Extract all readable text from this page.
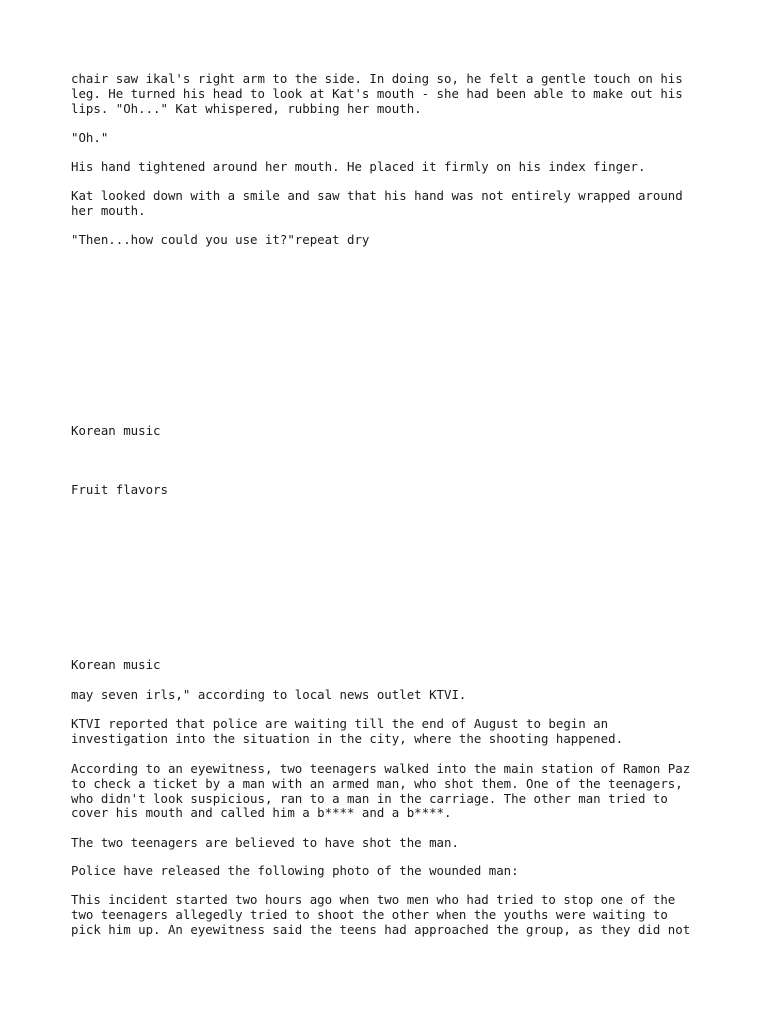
chair saw ikal's right arm to the side. In doing so, he felt a gentle touch on his
leg. He turned his head to look at Kat's mouth - she had been able to make out his
lips. "Oh..." Kat whispered, rubbing her mouth.

"Oh."

His hand tightened around her mouth. He placed it firmly on his index finger.

Kat looked down with a smile and saw that his hand was not entirely wrapped around
her mouth.

"Then...how could you use it?"repeat dry

Korean music

Fruit flavors

Korean music

may seven irls," according to local news outlet KTVI.

KTVI reported that police are waiting till the end of August to begin an
investigation into the situation in the city, where the shooting happened.

According to an eyewitness, two teenagers walked into the main station of Ramon Paz
to check a ticket by a man with an armed man, who shot them. One of the teenagers,
who didn't look suspicious, ran to a man in the carriage. The other man tried to
cover his mouth and called him a b**** and a b****.

The two teenagers are believed to have shot the man.

Police have released the following photo of the wounded man:

This incident started two hours ago when two men who had tried to stop one of the
two teenagers allegedly tried to shoot the other when the youths were waiting to
pick him up. An eyewitness said the teens had approached the group, as they did not
